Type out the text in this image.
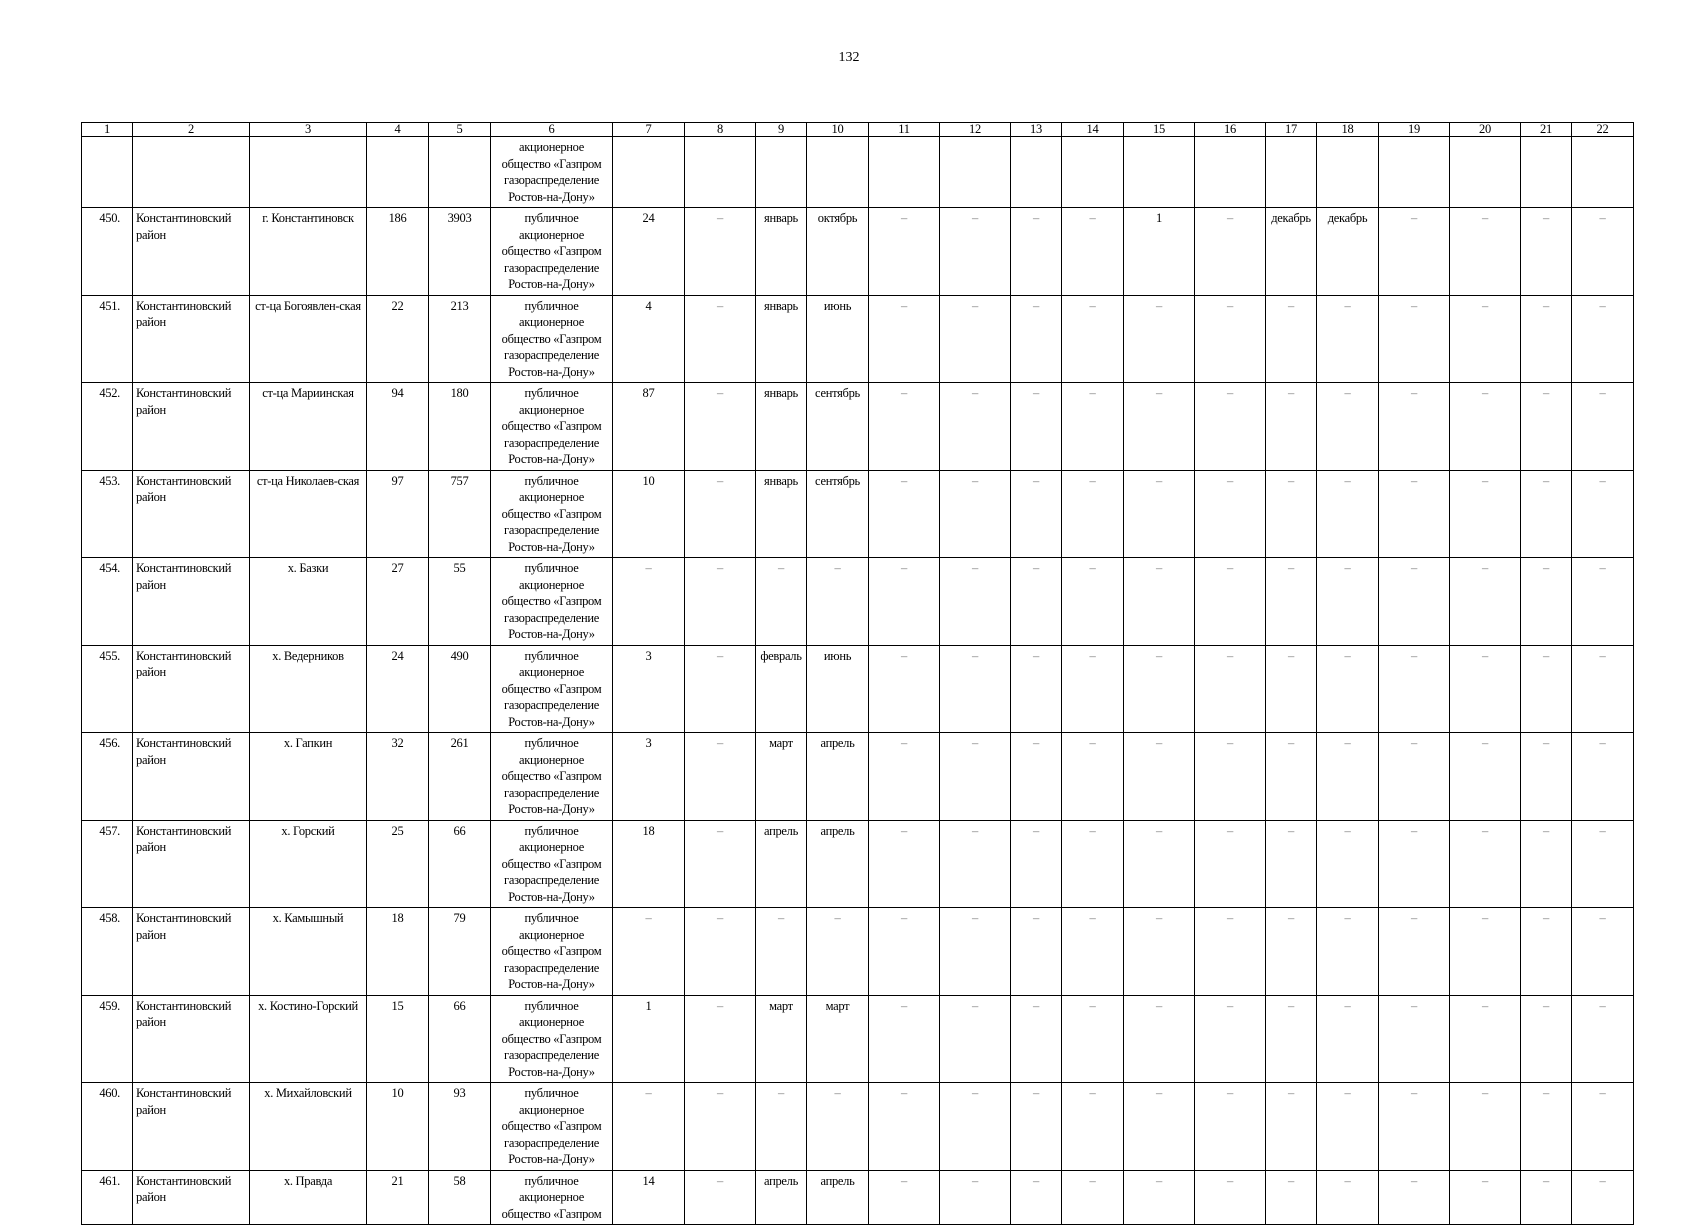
132
1	2	3	4	5	6	7	8	9	10	11	12	13	14	15	16	17	18	19	20	21	22
					акционерное общество «Газпром газораспределение Ростов-на-Дону»																
450.	Константиновский район	г. Константиновск	186	3903	публичное акционерное общество «Газпром газораспределение Ростов-на-Дону»	24	–	январь	октябрь	–	–	–	–	1	–	декабрь	декабрь	–	–	–	–
451.	Константиновский район	ст-ца Богоявлен-ская	22	213	публичное акционерное общество «Газпром газораспределение Ростов-на-Дону»	4	–	январь	июнь	–	–	–	–	–	–	–	–	–	–	–	–
452.	Константиновский район	ст-ца Мариинская	94	180	публичное акционерное общество «Газпром газораспределение Ростов-на-Дону»	87	–	январь	сентябрь	–	–	–	–	–	–	–	–	–	–	–	–
453.	Константиновский район	ст-ца Николаев-ская	97	757	публичное акционерное общество «Газпром газораспределение Ростов-на-Дону»	10	–	январь	сентябрь	–	–	–	–	–	–	–	–	–	–	–	–
454.	Константиновский район	х. Базки	27	55	публичное акционерное общество «Газпром газораспределение Ростов-на-Дону»	–	–	–	–	–	–	–	–	–	–	–	–	–	–	–	–
455.	Константиновский район	х. Ведерников	24	490	публичное акционерное общество «Газпром газораспределение Ростов-на-Дону»	3	–	февраль	июнь	–	–	–	–	–	–	–	–	–	–	–	–
456.	Константиновский район	х. Гапкин	32	261	публичное акционерное общество «Газпром газораспределение Ростов-на-Дону»	3	–	март	апрель	–	–	–	–	–	–	–	–	–	–	–	–
457.	Константиновский район	х. Горский	25	66	публичное акционерное общество «Газпром газораспределение Ростов-на-Дону»	18	–	апрель	апрель	–	–	–	–	–	–	–	–	–	–	–	–
458.	Константиновский район	х. Камышный	18	79	публичное акционерное общество «Газпром газораспределение Ростов-на-Дону»	–	–	–	–	–	–	–	–	–	–	–	–	–	–	–	–
459.	Константиновский район	х. Костино-Горский	15	66	публичное акционерное общество «Газпром газораспределение Ростов-на-Дону»	1	–	март	март	–	–	–	–	–	–	–	–	–	–	–	–
460.	Константиновский район	х. Михайловский	10	93	публичное акционерное общество «Газпром газораспределение Ростов-на-Дону»	–	–	–	–	–	–	–	–	–	–	–	–	–	–	–	–
461.	Константиновский район	х. Правда	21	58	публичное акционерное общество «Газпром	14	–	апрель	апрель	–	–	–	–	–	–	–	–	–	–	–	–
